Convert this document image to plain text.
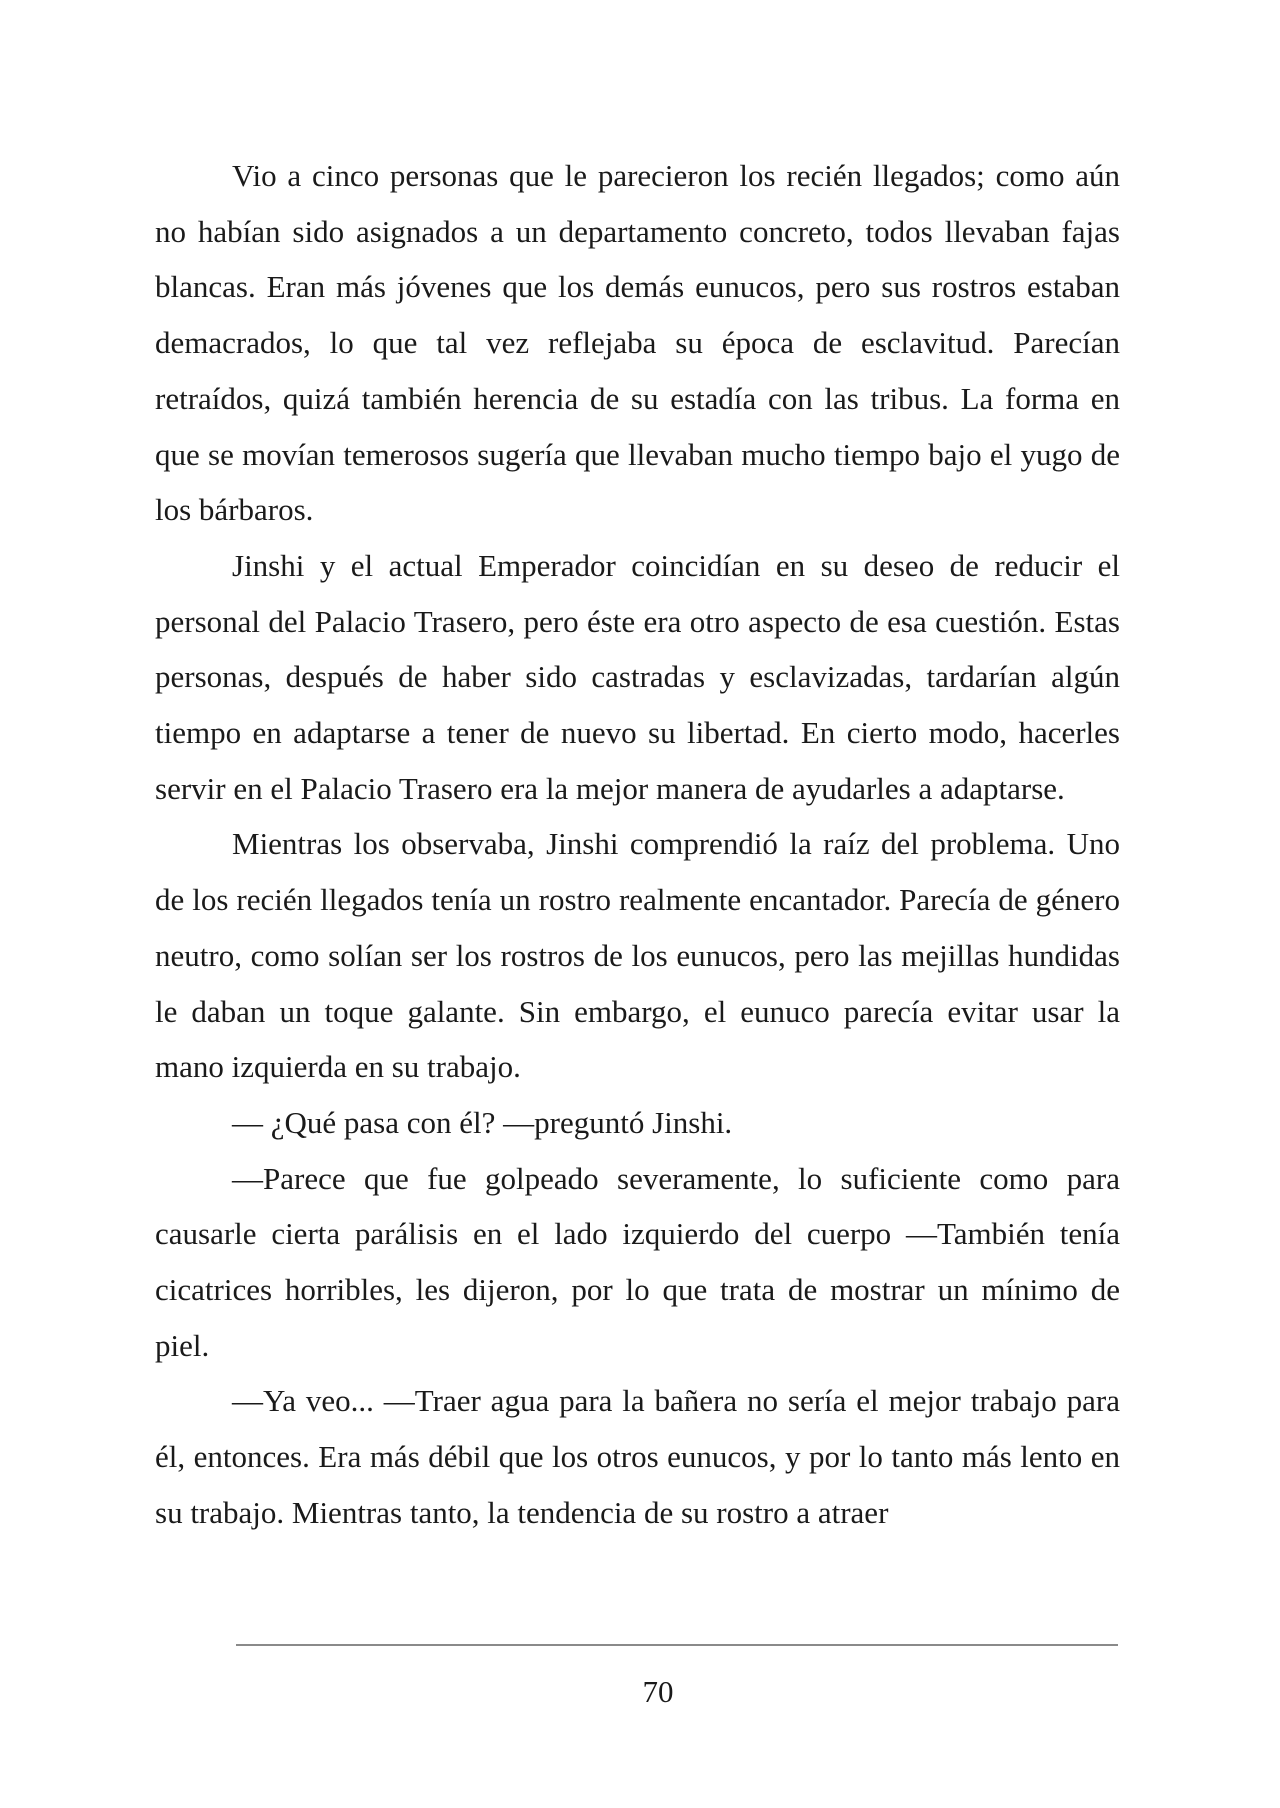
Vio a cinco personas que le parecieron los recién llegados; como aún no habían sido asignados a un departamento concreto, todos llevaban fajas blancas. Eran más jóvenes que los demás eunucos, pero sus rostros estaban demacrados, lo que tal vez reflejaba su época de esclavitud. Parecían retraídos, quizá también herencia de su estadía con las tribus. La forma en que se movían temerosos sugería que llevaban mucho tiempo bajo el yugo de los bárbaros.

Jinshi y el actual Emperador coincidían en su deseo de reducir el personal del Palacio Trasero, pero éste era otro aspecto de esa cuestión. Estas personas, después de haber sido castradas y esclavizadas, tardarían algún tiempo en adaptarse a tener de nuevo su libertad. En cierto modo, hacerles servir en el Palacio Trasero era la mejor manera de ayudarles a adaptarse.

Mientras los observaba, Jinshi comprendió la raíz del problema. Uno de los recién llegados tenía un rostro realmente encantador. Parecía de género neutro, como solían ser los rostros de los eunucos, pero las mejillas hundidas le daban un toque galante. Sin embargo, el eunuco parecía evitar usar la mano izquierda en su trabajo.

— ¿Qué pasa con él? —preguntó Jinshi.

—Parece que fue golpeado severamente, lo suficiente como para causarle cierta parálisis en el lado izquierdo del cuerpo —También tenía cicatrices horribles, les dijeron, por lo que trata de mostrar un mínimo de piel.

—Ya veo... —Traer agua para la bañera no sería el mejor trabajo para él, entonces. Era más débil que los otros eunucos, y por lo tanto más lento en su trabajo. Mientras tanto, la tendencia de su rostro a atraer

70
